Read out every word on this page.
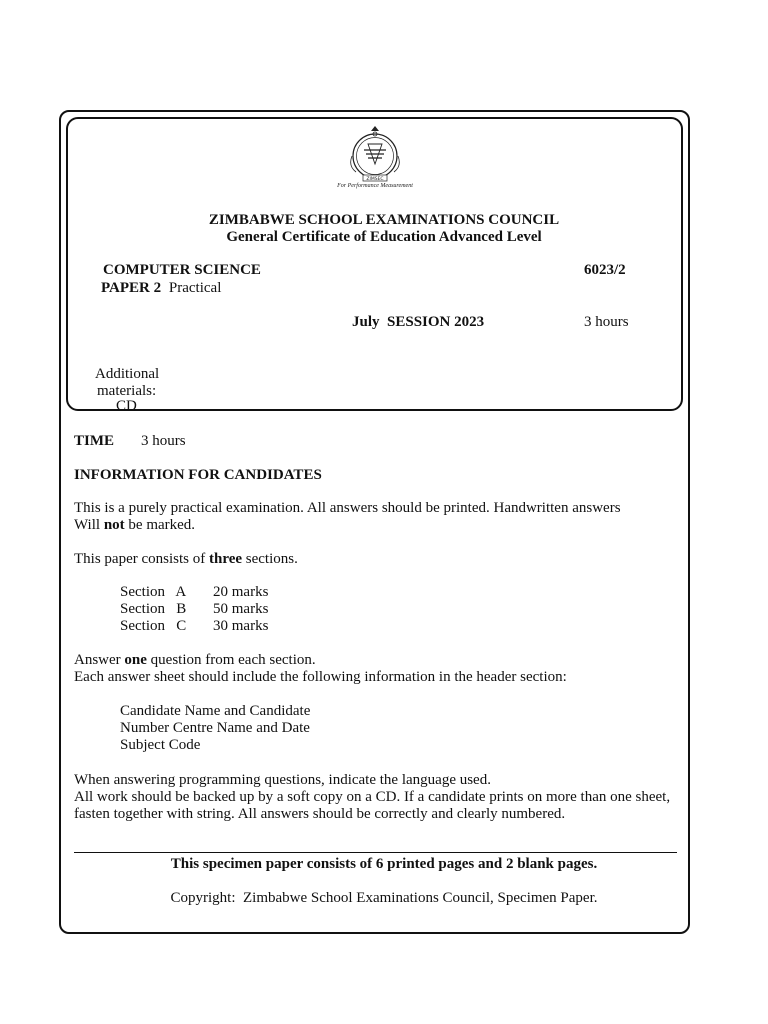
ZIMSEC
For Performance Measurement
ZIMBABWE SCHOOL EXAMINATIONS COUNCIL
General Certificate of Education Advanced Level
COMPUTER SCIENCE	6023/2
PAPER 2 Practical
July  SESSION 2023	3 hours
Additional
materials:
CD
TIME 3 hours
INFORMATION FOR CANDIDATES
This is a purely practical examination. All answers should be printed. Handwritten answers
Will not be marked.
This paper consists of three sections.
Section   A 20 marks
Section   B 50 marks
Section   C 30 marks
Answer one question from each section.
Each answer sheet should include the following information in the header section:
Candidate Name and Candidate
Number Centre Name and Date
Subject Code
When answering programming questions, indicate the language used.
All work should be backed up by a soft copy on a CD. If a candidate prints on more than one sheet,
fasten together with string. All answers should be correctly and clearly numbered.
This specimen paper consists of 6 printed pages and 2 blank pages.
Copyright:  Zimbabwe School Examinations Council, Specimen Paper.
